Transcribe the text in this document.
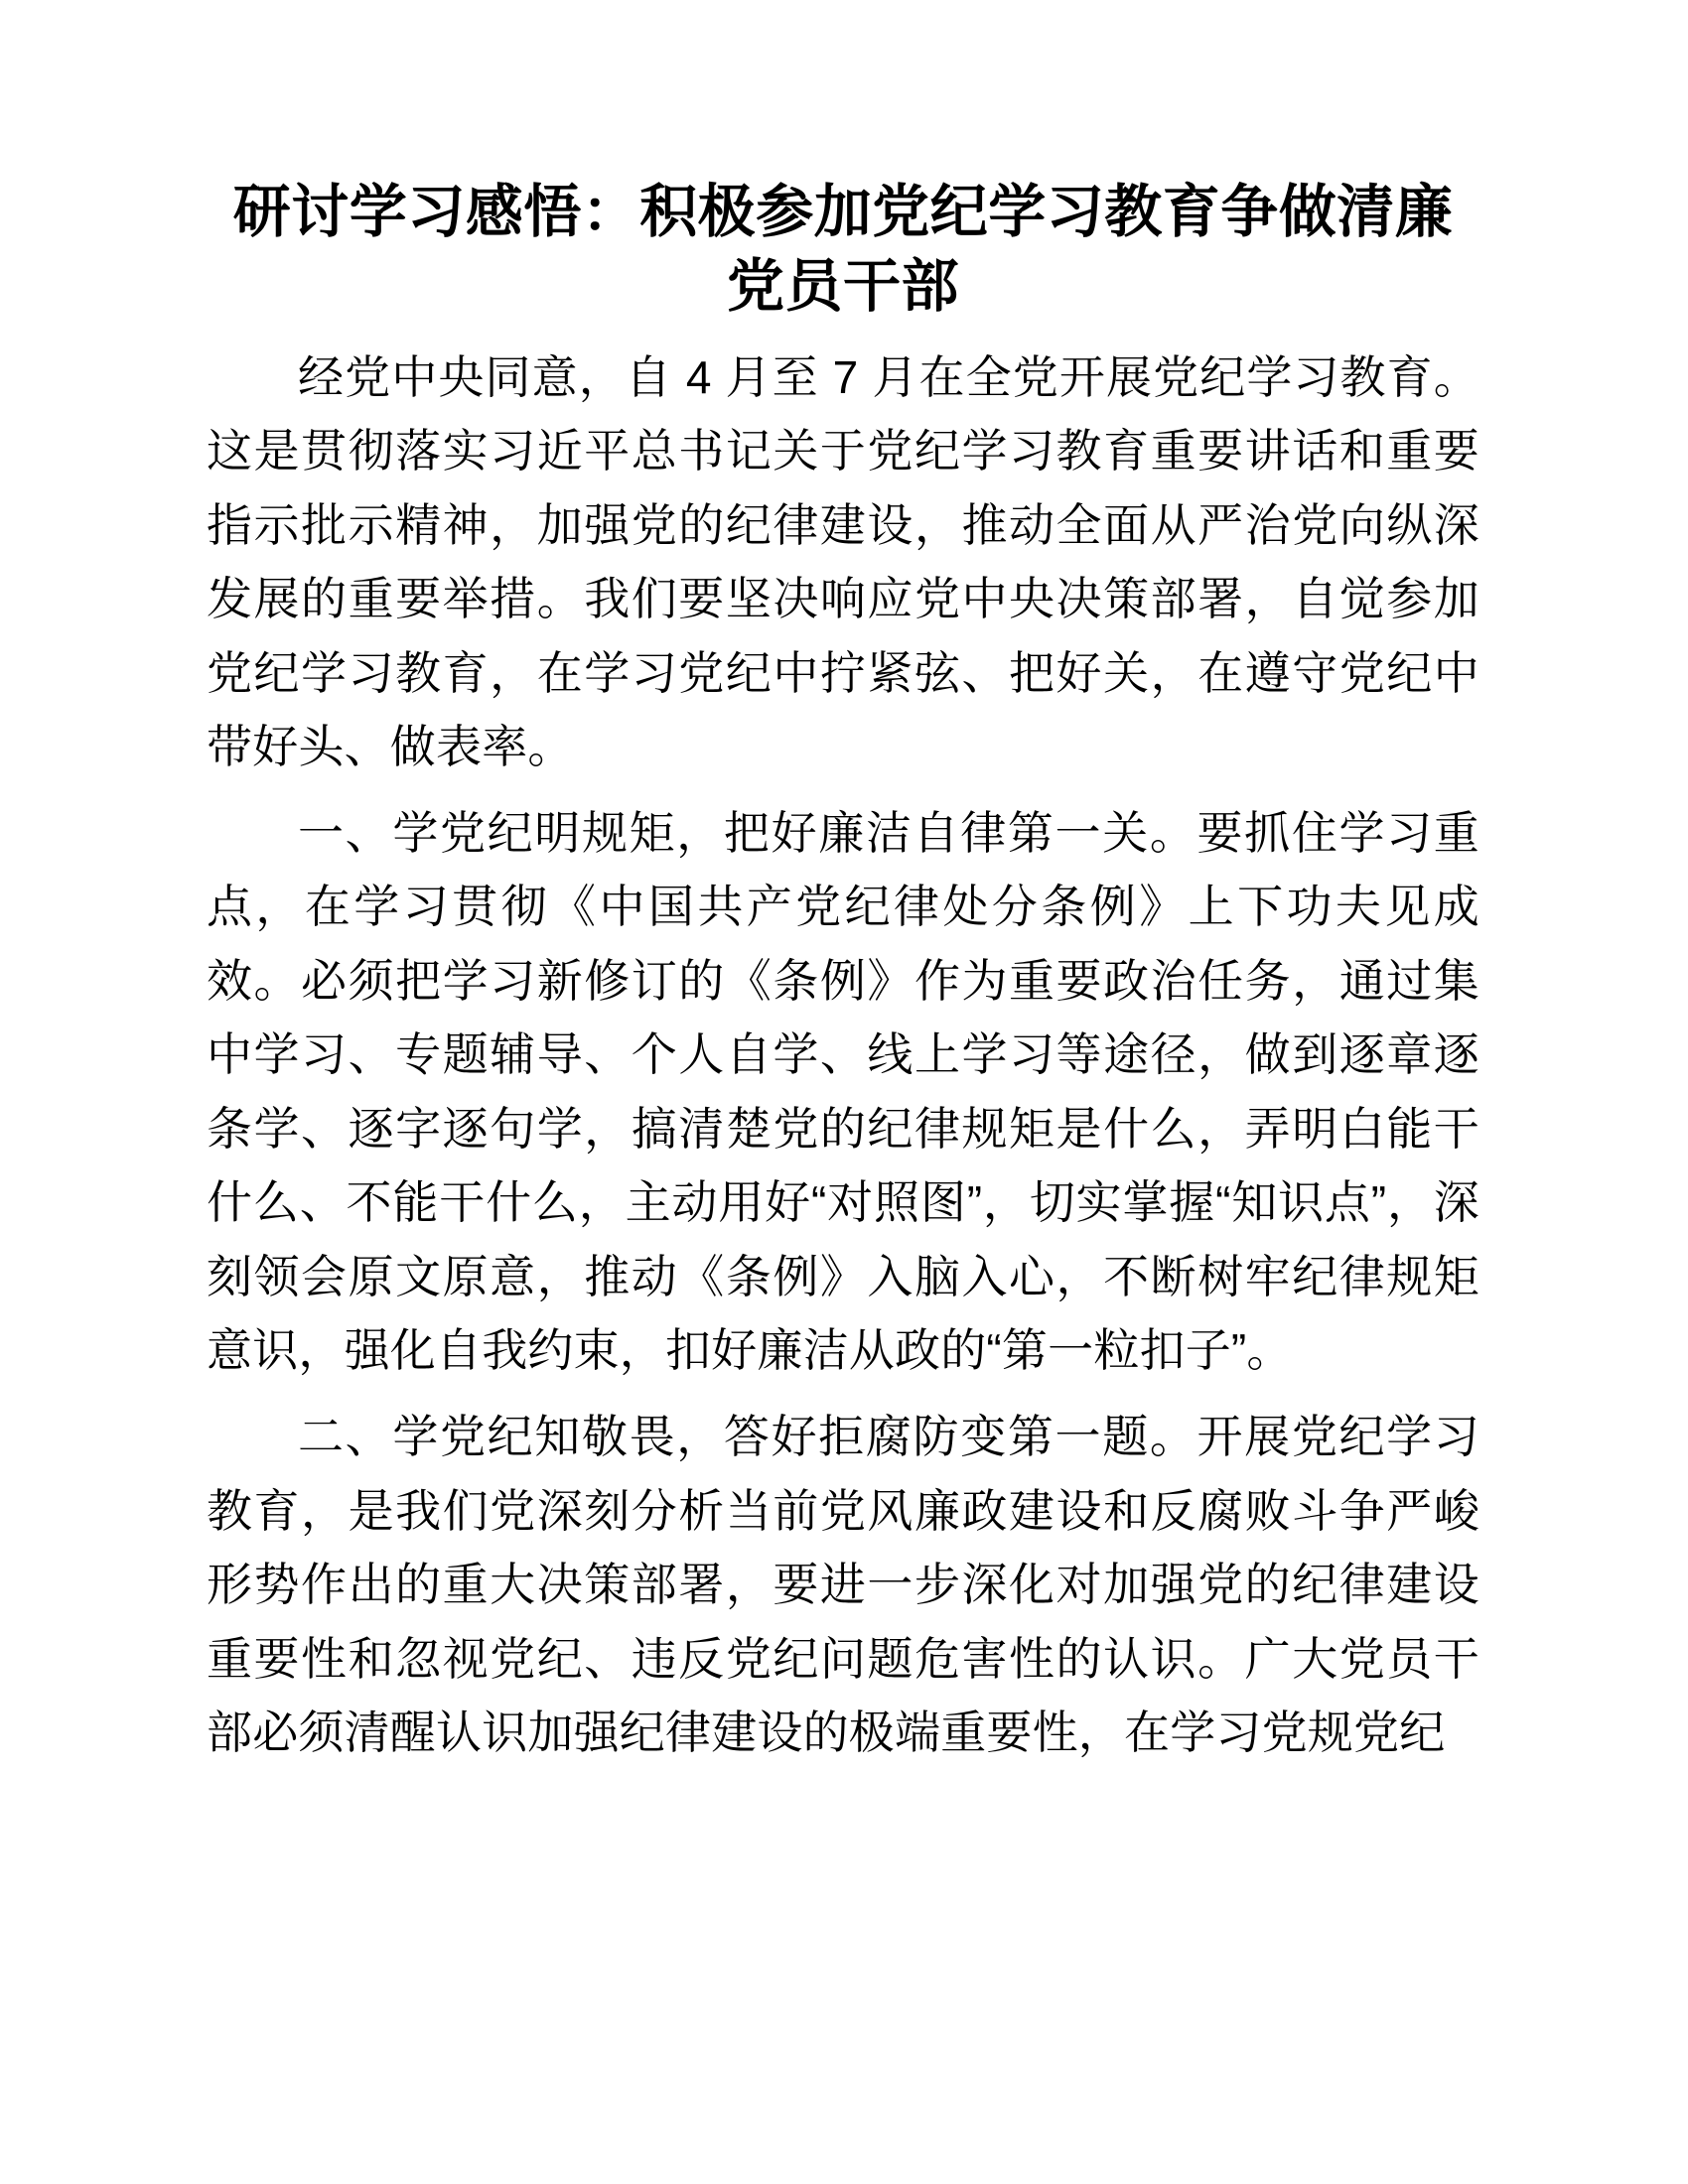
研讨学习感悟：积极参加党纪学习教育争做清廉党员干部

经党中央同意，自 4 月至 7 月在全党开展党纪学习教育。这是贯彻落实习近平总书记关于党纪学习教育重要讲话和重要指示批示精神，加强党的纪律建设，推动全面从严治党向纵深发展的重要举措。我们要坚决响应党中央决策部署，自觉参加党纪学习教育，在学习党纪中拧紧弦、把好关，在遵守党纪中带好头、做表率。

一、学党纪明规矩，把好廉洁自律第一关。要抓住学习重点，在学习贯彻《中国共产党纪律处分条例》上下功夫见成效。必须把学习新修订的《条例》作为重要政治任务，通过集中学习、专题辅导、个人自学、线上学习等途径，做到逐章逐条学、逐字逐句学，搞清楚党的纪律规矩是什么，弄明白能干什么、不能干什么，主动用好“对照图”，切实掌握“知识点”，深刻领会原文原意，推动《条例》入脑入心，不断树牢纪律规矩意识，强化自我约束，扣好廉洁从政的“第一粒扣子”。

二、学党纪知敬畏，答好拒腐防变第一题。开展党纪学习教育，是我们党深刻分析当前党风廉政建设和反腐败斗争严峻形势作出的重大决策部署，要进一步深化对加强党的纪律建设重要性和忽视党纪、违反党纪问题危害性的认识。广大党员干部必须清醒认识加强纪律建设的极端重要性，在学习党规党纪
